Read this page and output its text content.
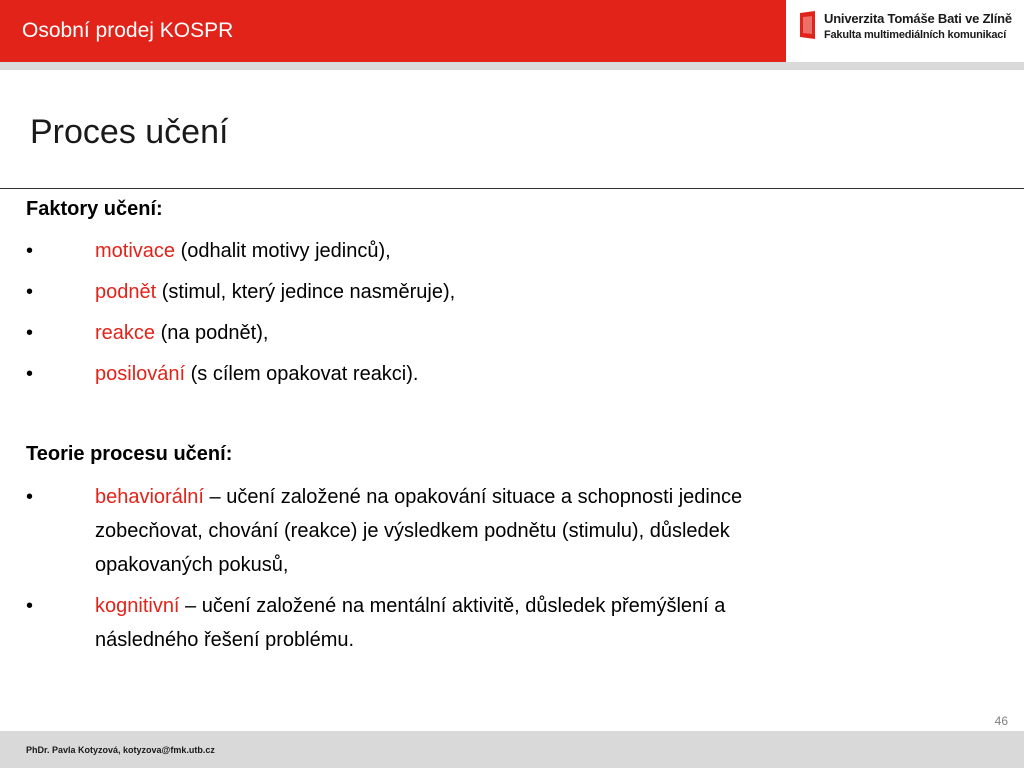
Osobní prodej KOSPR
Univerzita Tomáše Bati ve Zlíně
Fakulta multimediálních komunikací
Proces učení
Faktory učení:
•	motivace (odhalit motivy jedinců),
•	podnět (stimul, který jedince nasměruje),
•	reakce (na podnět),
•	posilování (s cílem opakovat reakci).
Teorie procesu učení:
•	behaviorální – učení založené na opakování situace a schopnosti jedince
zobecňovat, chování (reakce) je výsledkem podnětu (stimulu), důsledek
opakovaných pokusů,
•	kognitivní – učení založené na mentální aktivitě, důsledek přemýšlení a
následného řešení problému.
46
PhDr. Pavla Kotyzová, kotyzova@fmk.utb.cz
